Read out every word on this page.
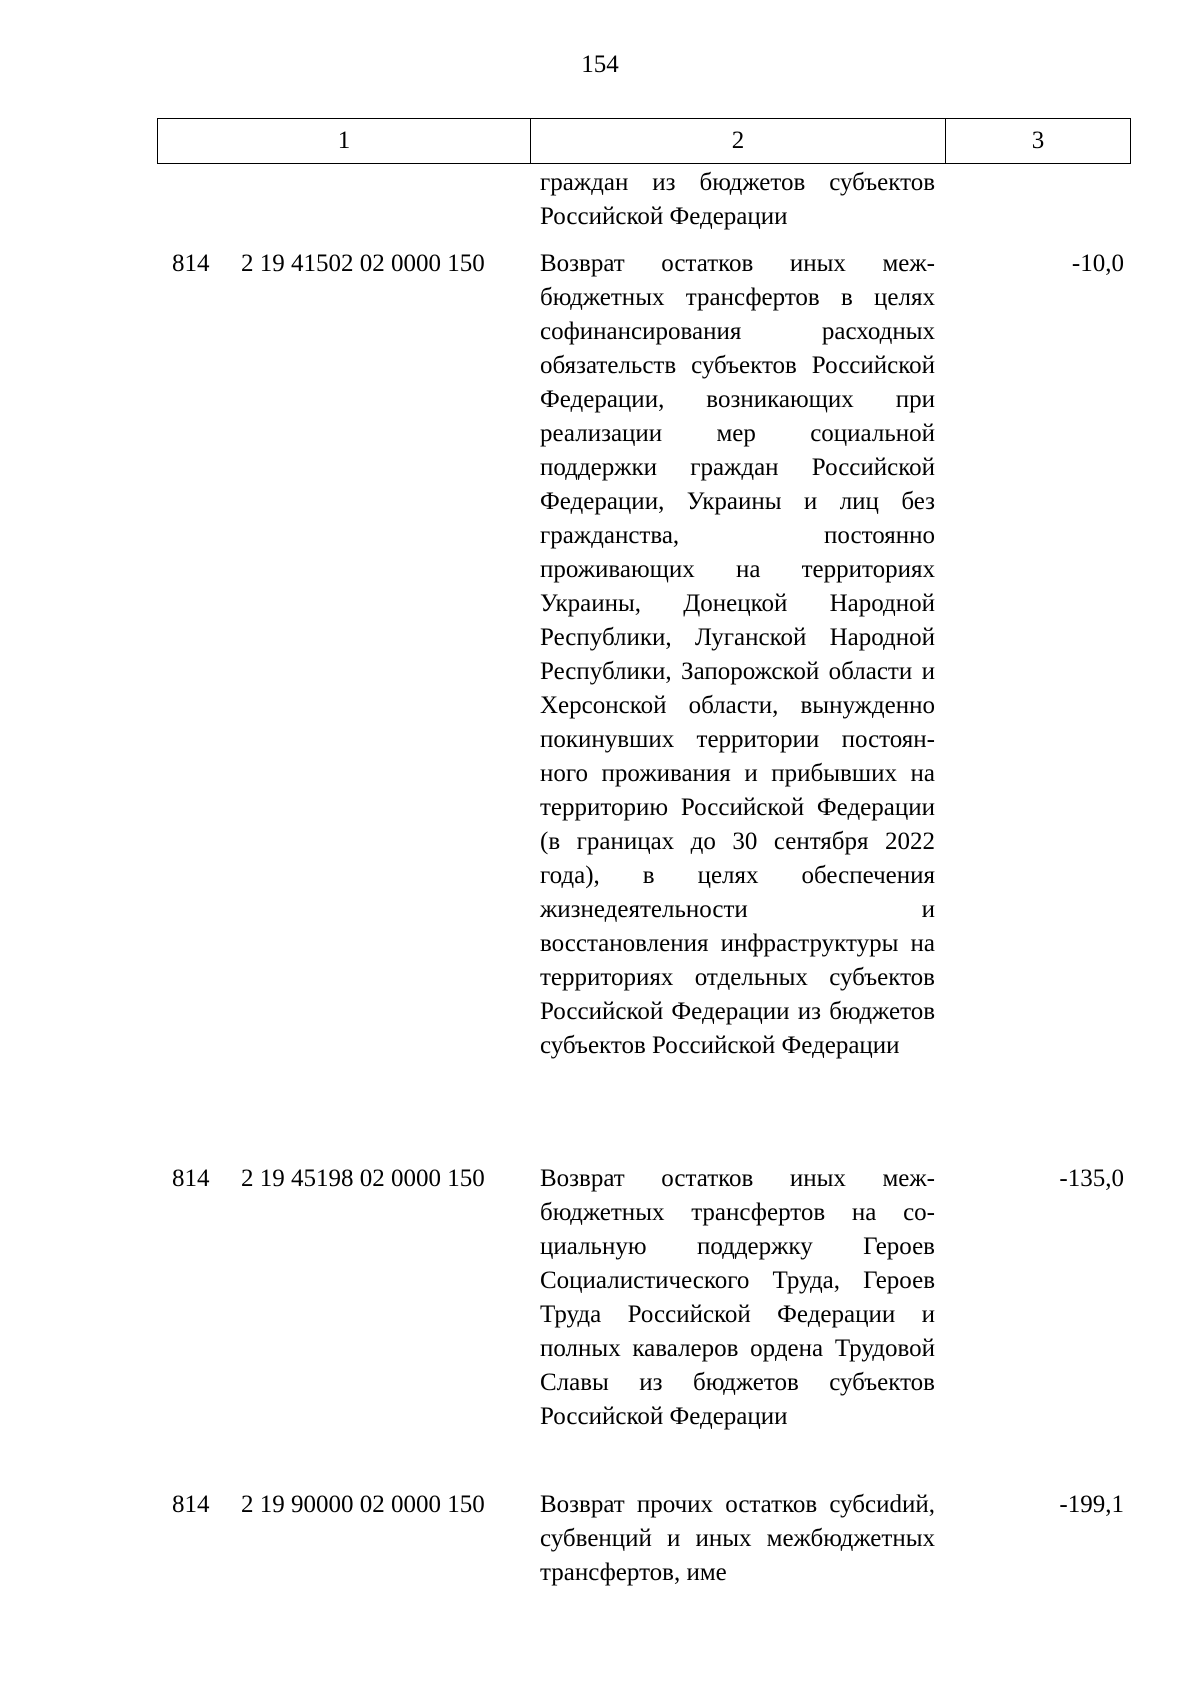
154
1	2	3
граждан из бюджетов субъектов Российской Федерации
814 2 19 41502 02 0000 150 Возврат остатков иных межбюджетных трансфертов в целях софинансирования расходных обязательств субъектов Российской Федерации, возникающих при реализации мер социальной поддержки граждан Российской Федерации, Украины и лиц без гражданства, постоянно проживающих на территориях Украины, Донецкой Народной Республики, Луганской Народной Республики, Запорожской области и Херсонской области, вынужденно покинувших территории постоянного проживания и прибывших на территорию Российской Федерации (в границах до 30 сентября 2022 года), в целях обеспечения жизнедеятельности и восстановления инфраструктуры на территориях отдельных субъектов Российской Федерации из бюджетов субъектов Российской Федерации
-10,0
814 2 19 45198 02 0000 150 Возврат остатков иных межбюджетных трансфертов на социальную поддержку Героев Социалистического Труда, Героев Труда Российской Федерации и полных кавалеров ордена Трудовой Славы из бюджетов субъектов Российской Федерации
-135,0
814 2 19 90000 02 0000 150 Возврат прочих остатков субсиdий, субвенций и иных межбюджетных трансфертов, име
-199,1
